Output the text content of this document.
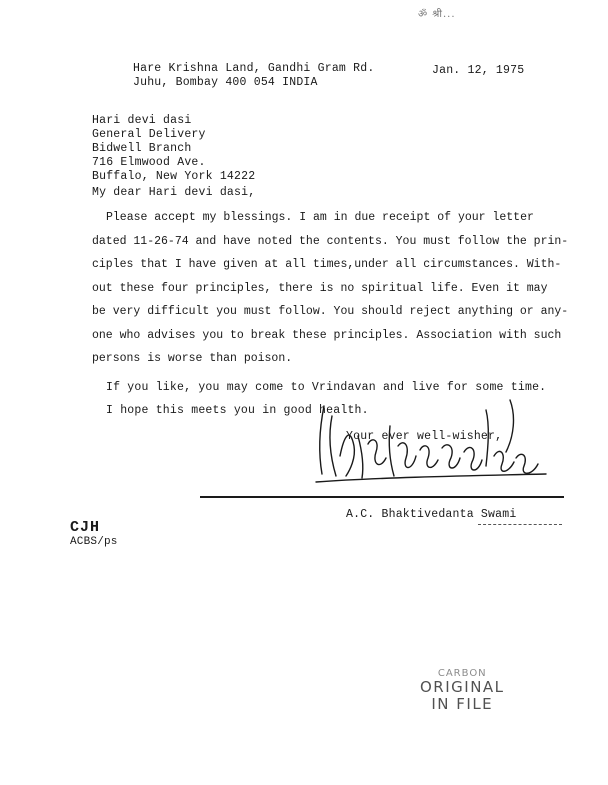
ॐ श्री...
Hare Krishna Land, Gandhi Gram Rd.
Juhu, Bombay 400 054 INDIA
Jan. 12, 1975
Hari devi dasi
General Delivery
Bidwell Branch
716 Elmwood Ave.
Buffalo, New York 14222
My dear Hari devi dasi,
Please accept my blessings. I am in due receipt of your letter
dated 11-26-74 and have noted the contents. You must follow the prin-
ciples that I have given at all times,under all circumstances. With-
out these four principles, there is no spiritual life. Even it may
be very difficult you must follow. You should reject anything or any-
one who advises you to break these principles. Association with such
persons is worse than poison.
If you like, you may come to Vrindavan and live for some time.
I hope this meets you in good health.
Your ever well-wisher,
A.C. Bhaktivedanta Swami
CJH
ACBS/ps
CARBON
ORIGINAL
IN FILE
